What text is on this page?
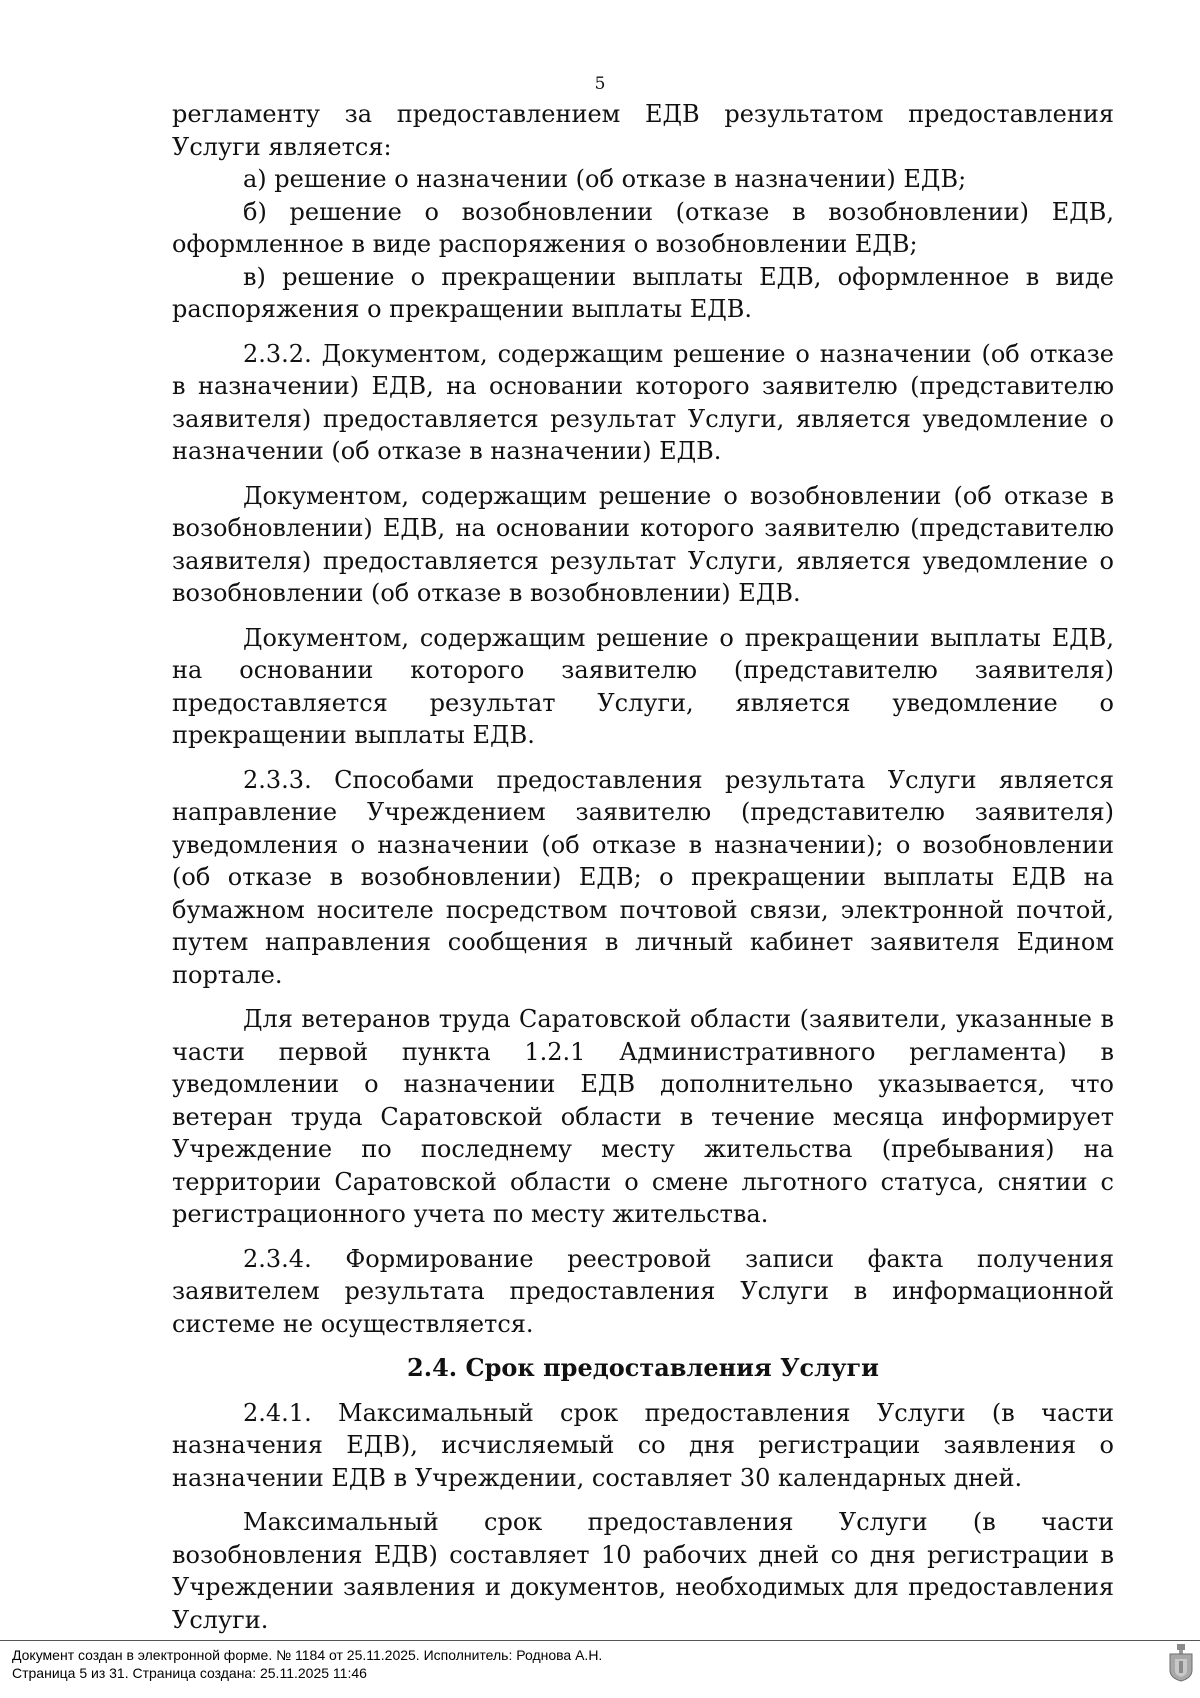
5

регламенту за предоставлением ЕДВ результатом предоставления Услуги является:

а) решение о назначении (об отказе в назначении) ЕДВ;

б) решение о возобновлении (отказе в возобновлении) ЕДВ, оформленное в виде распоряжения о возобновлении ЕДВ;

в) решение о прекращении выплаты ЕДВ, оформленное в виде распоряжения о прекращении выплаты ЕДВ.

2.3.2. Документом, содержащим решение о назначении (об отказе в назначении) ЕДВ, на основании которого заявителю (представителю заявителя) предоставляется результат Услуги, является уведомление о назначении (об отказе в назначении) ЕДВ.

Документом, содержащим решение о возобновлении (об отказе в возобновлении) ЕДВ, на основании которого заявителю (представителю заявителя) предоставляется результат Услуги, является уведомление о возобновлении (об отказе в возобновлении) ЕДВ.

Документом, содержащим решение о прекращении выплаты ЕДВ, на основании которого заявителю (представителю заявителя) предоставляется результат Услуги, является уведомление о прекращении выплаты ЕДВ.

2.3.3. Способами предоставления результата Услуги является направление Учреждением заявителю (представителю заявителя) уведомления о назначении (об отказе в назначении); о возобновлении (об отказе в возобновлении) ЕДВ; о прекращении выплаты ЕДВ на бумажном носителе посредством почтовой связи, электронной почтой, путем направления сообщения в личный кабинет заявителя Едином портале.

Для ветеранов труда Саратовской области (заявители, указанные в части первой пункта 1.2.1 Административного регламента) в уведомлении о назначении ЕДВ дополнительно указывается, что ветеран труда Саратовской области в течение месяца информирует Учреждение по последнему месту жительства (пребывания) на территории Саратовской области о смене льготного статуса, снятии с регистрационного учета по месту жительства.

2.3.4. Формирование реестровой записи факта получения заявителем результата предоставления Услуги в информационной системе не осуществляется.

2.4. Срок предоставления Услуги

2.4.1. Максимальный срок предоставления Услуги (в части назначения ЕДВ), исчисляемый со дня регистрации заявления о назначении ЕДВ в Учреждении, составляет 30 календарных дней.

Максимальный срок предоставления Услуги (в части возобновления ЕДВ) составляет 10 рабочих дней со дня регистрации в Учреждении заявления и документов, необходимых для предоставления Услуги.

Документ создан в электронной форме. № 1184 от 25.11.2025. Исполнитель: Роднова А.Н.
Страница 5 из 31. Страница создана: 25.11.2025 11:46
